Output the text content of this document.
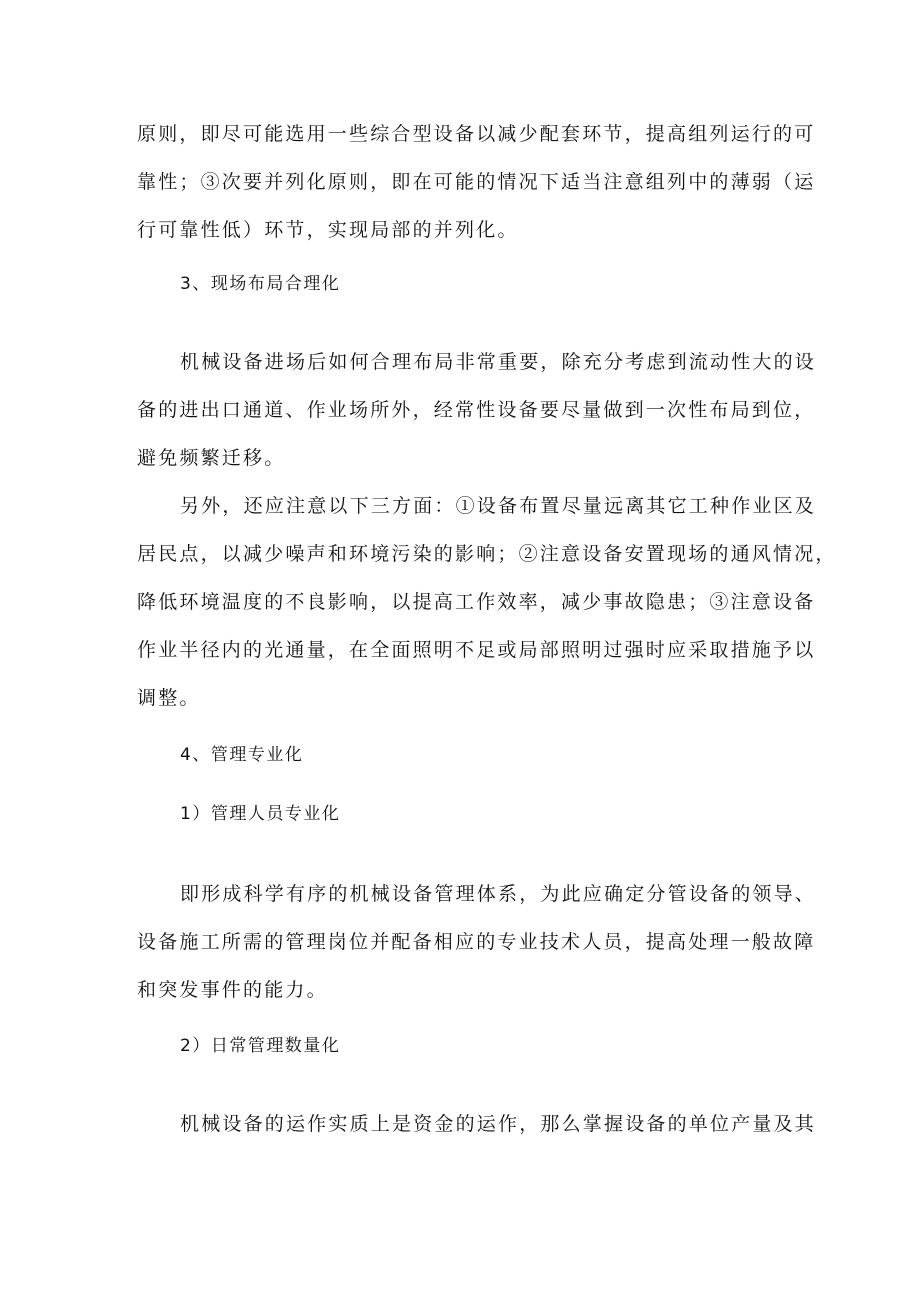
原则，即尽可能选用一些综合型设备以减少配套环节，提高组列运行的可
靠性；③次要并列化原则，即在可能的情况下适当注意组列中的薄弱（运
行可靠性低）环节，实现局部的并列化。
3、现场布局合理化
机械设备进场后如何合理布局非常重要，除充分考虑到流动性大的设
备的进出口通道、作业场所外，经常性设备要尽量做到一次性布局到位，
避免频繁迁移。
另外，还应注意以下三方面：①设备布置尽量远离其它工种作业区及
居民点，以减少噪声和环境污染的影响；②注意设备安置现场的通风情况，
降低环境温度的不良影响，以提高工作效率，减少事故隐患；③注意设备
作业半径内的光通量，在全面照明不足或局部照明过强时应采取措施予以
调整。
4、管理专业化
1）管理人员专业化
即形成科学有序的机械设备管理体系，为此应确定分管设备的领导、
设备施工所需的管理岗位并配备相应的专业技术人员，提高处理一般故障
和突发事件的能力。
2）日常管理数量化
机械设备的运作实质上是资金的运作，那么掌握设备的单位产量及其
